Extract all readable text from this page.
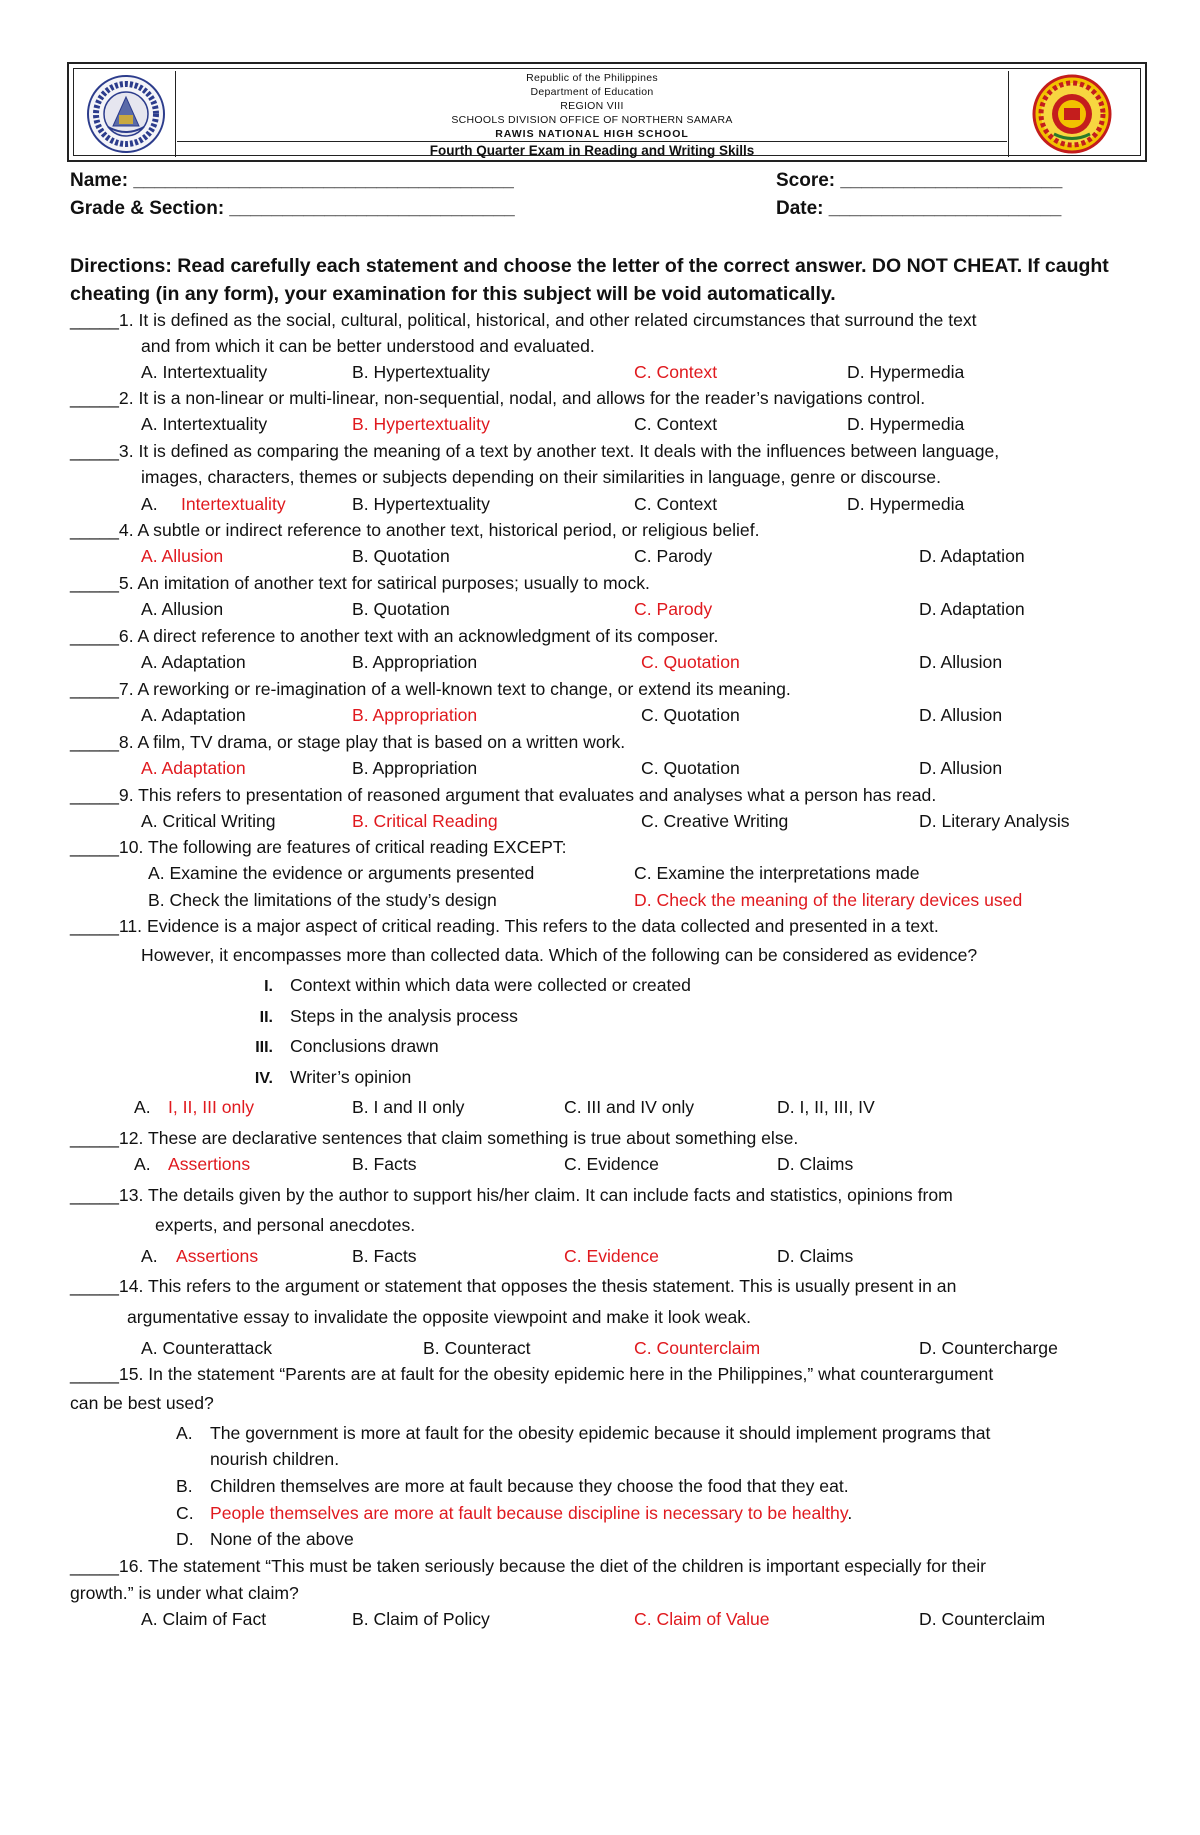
Republic of the Philippines
Department of Education
REGION VIII
SCHOOLS DIVISION OFFICE OF NORTHERN SAMARA
RAWIS NATIONAL HIGH SCHOOL
Fourth Quarter Exam in Reading and Writing Skills
Name: ____________________________________	Score: _____________________
Grade & Section: ___________________________	Date: ______________________
Directions: Read carefully each statement and choose the letter of the correct answer. DO NOT CHEAT. If caught cheating (in any form), your examination for this subject will be void automatically.
_____1. It is defined as the social, cultural, political, historical, and other related circumstances that surround the text
and from which it can be better understood and evaluated.
A. Intertextuality	B. Hypertextuality	C. Context	D. Hypermedia
_____2. It is a non-linear or multi-linear, non-sequential, nodal, and allows for the reader’s navigations control.
A. Intertextuality	B. Hypertextuality	C. Context	D. Hypermedia
_____3. It is defined as comparing the meaning of a text by another text. It deals with the influences between language,
images, characters, themes or subjects depending on their similarities in language, genre or discourse.
A. Intertextuality	B. Hypertextuality	C. Context	D. Hypermedia
_____4. A subtle or indirect reference to another text, historical period, or religious belief.
A. Allusion	B. Quotation	C. Parody	D. Adaptation
_____5. An imitation of another text for satirical purposes; usually to mock.
A. Allusion	B. Quotation	C. Parody	D. Adaptation
_____6. A direct reference to another text with an acknowledgment of its composer.
A. Adaptation	B. Appropriation	C. Quotation	D. Allusion
_____7. A reworking or re-imagination of a well-known text to change, or extend its meaning.
A. Adaptation	B. Appropriation	C. Quotation	D. Allusion
_____8. A film, TV drama, or stage play that is based on a written work.
A. Adaptation	B. Appropriation	C. Quotation	D. Allusion
_____9. This refers to presentation of reasoned argument that evaluates and analyses what a person has read.
A. Critical Writing	B. Critical Reading	C. Creative Writing	D. Literary Analysis
_____10. The following are features of critical reading EXCEPT:
A. Examine the evidence or arguments presented	C. Examine the interpretations made
B. Check the limitations of the study’s design	D. Check the meaning of the literary devices used
_____11. Evidence is a major aspect of critical reading. This refers to the data collected and presented in a text.
However, it encompasses more than collected data. Which of the following can be considered as evidence?
I. Context within which data were collected or created
II. Steps in the analysis process
III. Conclusions drawn
IV. Writer’s opinion
A. I, II, III only	B. I and II only	C. III and IV only	D. I, II, III, IV
_____12. These are declarative sentences that claim something is true about something else.
A. Assertions	B. Facts	C. Evidence	D. Claims
_____13. The details given by the author to support his/her claim. It can include facts and statistics, opinions from
experts, and personal anecdotes.
A. Assertions	B. Facts	C. Evidence	D. Claims
_____14. This refers to the argument or statement that opposes the thesis statement. This is usually present in an
argumentative essay to invalidate the opposite viewpoint and make it look weak.
A. Counterattack	B. Counteract	C. Counterclaim	D. Countercharge
_____15. In the statement “Parents are at fault for the obesity epidemic here in the Philippines,” what counterargument
can be best used?
A. The government is more at fault for the obesity epidemic because it should implement programs that
nourish children.
B. Children themselves are more at fault because they choose the food that they eat.
C. People themselves are more at fault because discipline is necessary to be healthy.
D. None of the above
_____16. The statement “This must be taken seriously because the diet of the children is important especially for their
growth.” is under what claim?
A. Claim of Fact	B. Claim of Policy	C. Claim of Value	D. Counterclaim
